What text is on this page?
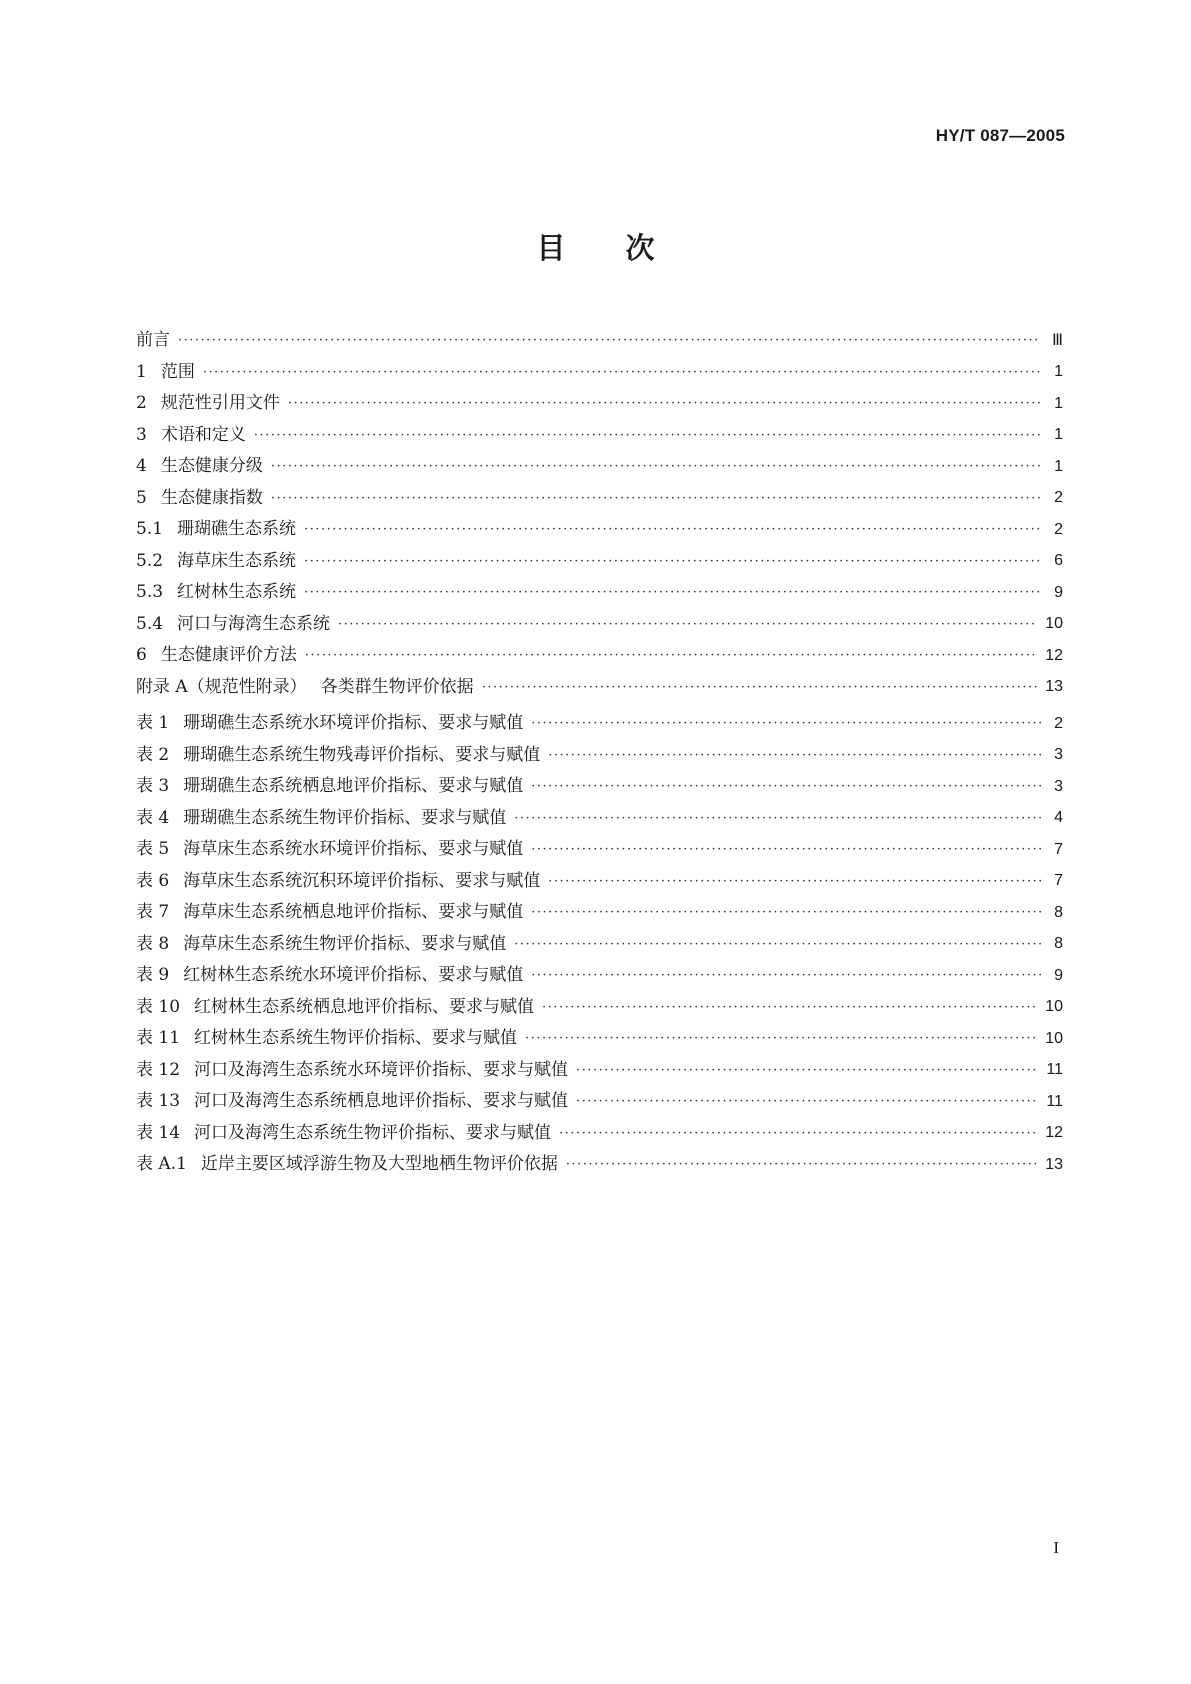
HY/T 087—2005
目次
前言 ·····	Ⅲ
1 范围 ·····	1
2 规范性引用文件 ·····	1
3 术语和定义 ·····	1
4 生态健康分级 ·····	1
5 生态健康指数 ·····	2
5.1 珊瑚礁生态系统 ·····	2
5.2 海草床生态系统 ·····	6
5.3 红树林生态系统 ·····	9
5.4 河口与海湾生态系统 ·····	10
6 生态健康评价方法 ·····	12
附录 A（规范性附录） 各类群生物评价依据 ·····	13
表 1 珊瑚礁生态系统水环境评价指标、要求与赋值 ·····	2
表 2 珊瑚礁生态系统生物残毒评价指标、要求与赋值 ·····	3
表 3 珊瑚礁生态系统栖息地评价指标、要求与赋值 ·····	3
表 4 珊瑚礁生态系统生物评价指标、要求与赋值 ·····	4
表 5 海草床生态系统水环境评价指标、要求与赋值 ·····	7
表 6 海草床生态系统沉积环境评价指标、要求与赋值 ·····	7
表 7 海草床生态系统栖息地评价指标、要求与赋值 ·····	8
表 8 海草床生态系统生物评价指标、要求与赋值 ·····	8
表 9 红树林生态系统水环境评价指标、要求与赋值 ·····	9
表 10 红树林生态系统栖息地评价指标、要求与赋值 ·····	10
表 11 红树林生态系统生物评价指标、要求与赋值 ·····	10
表 12 河口及海湾生态系统水环境评价指标、要求与赋值 ·····	11
表 13 河口及海湾生态系统栖息地评价指标、要求与赋值 ·····	11
表 14 河口及海湾生态系统生物评价指标、要求与赋值 ·····	12
表 A.1 近岸主要区域浮游生物及大型地栖生物评价依据 ·····	13
I
